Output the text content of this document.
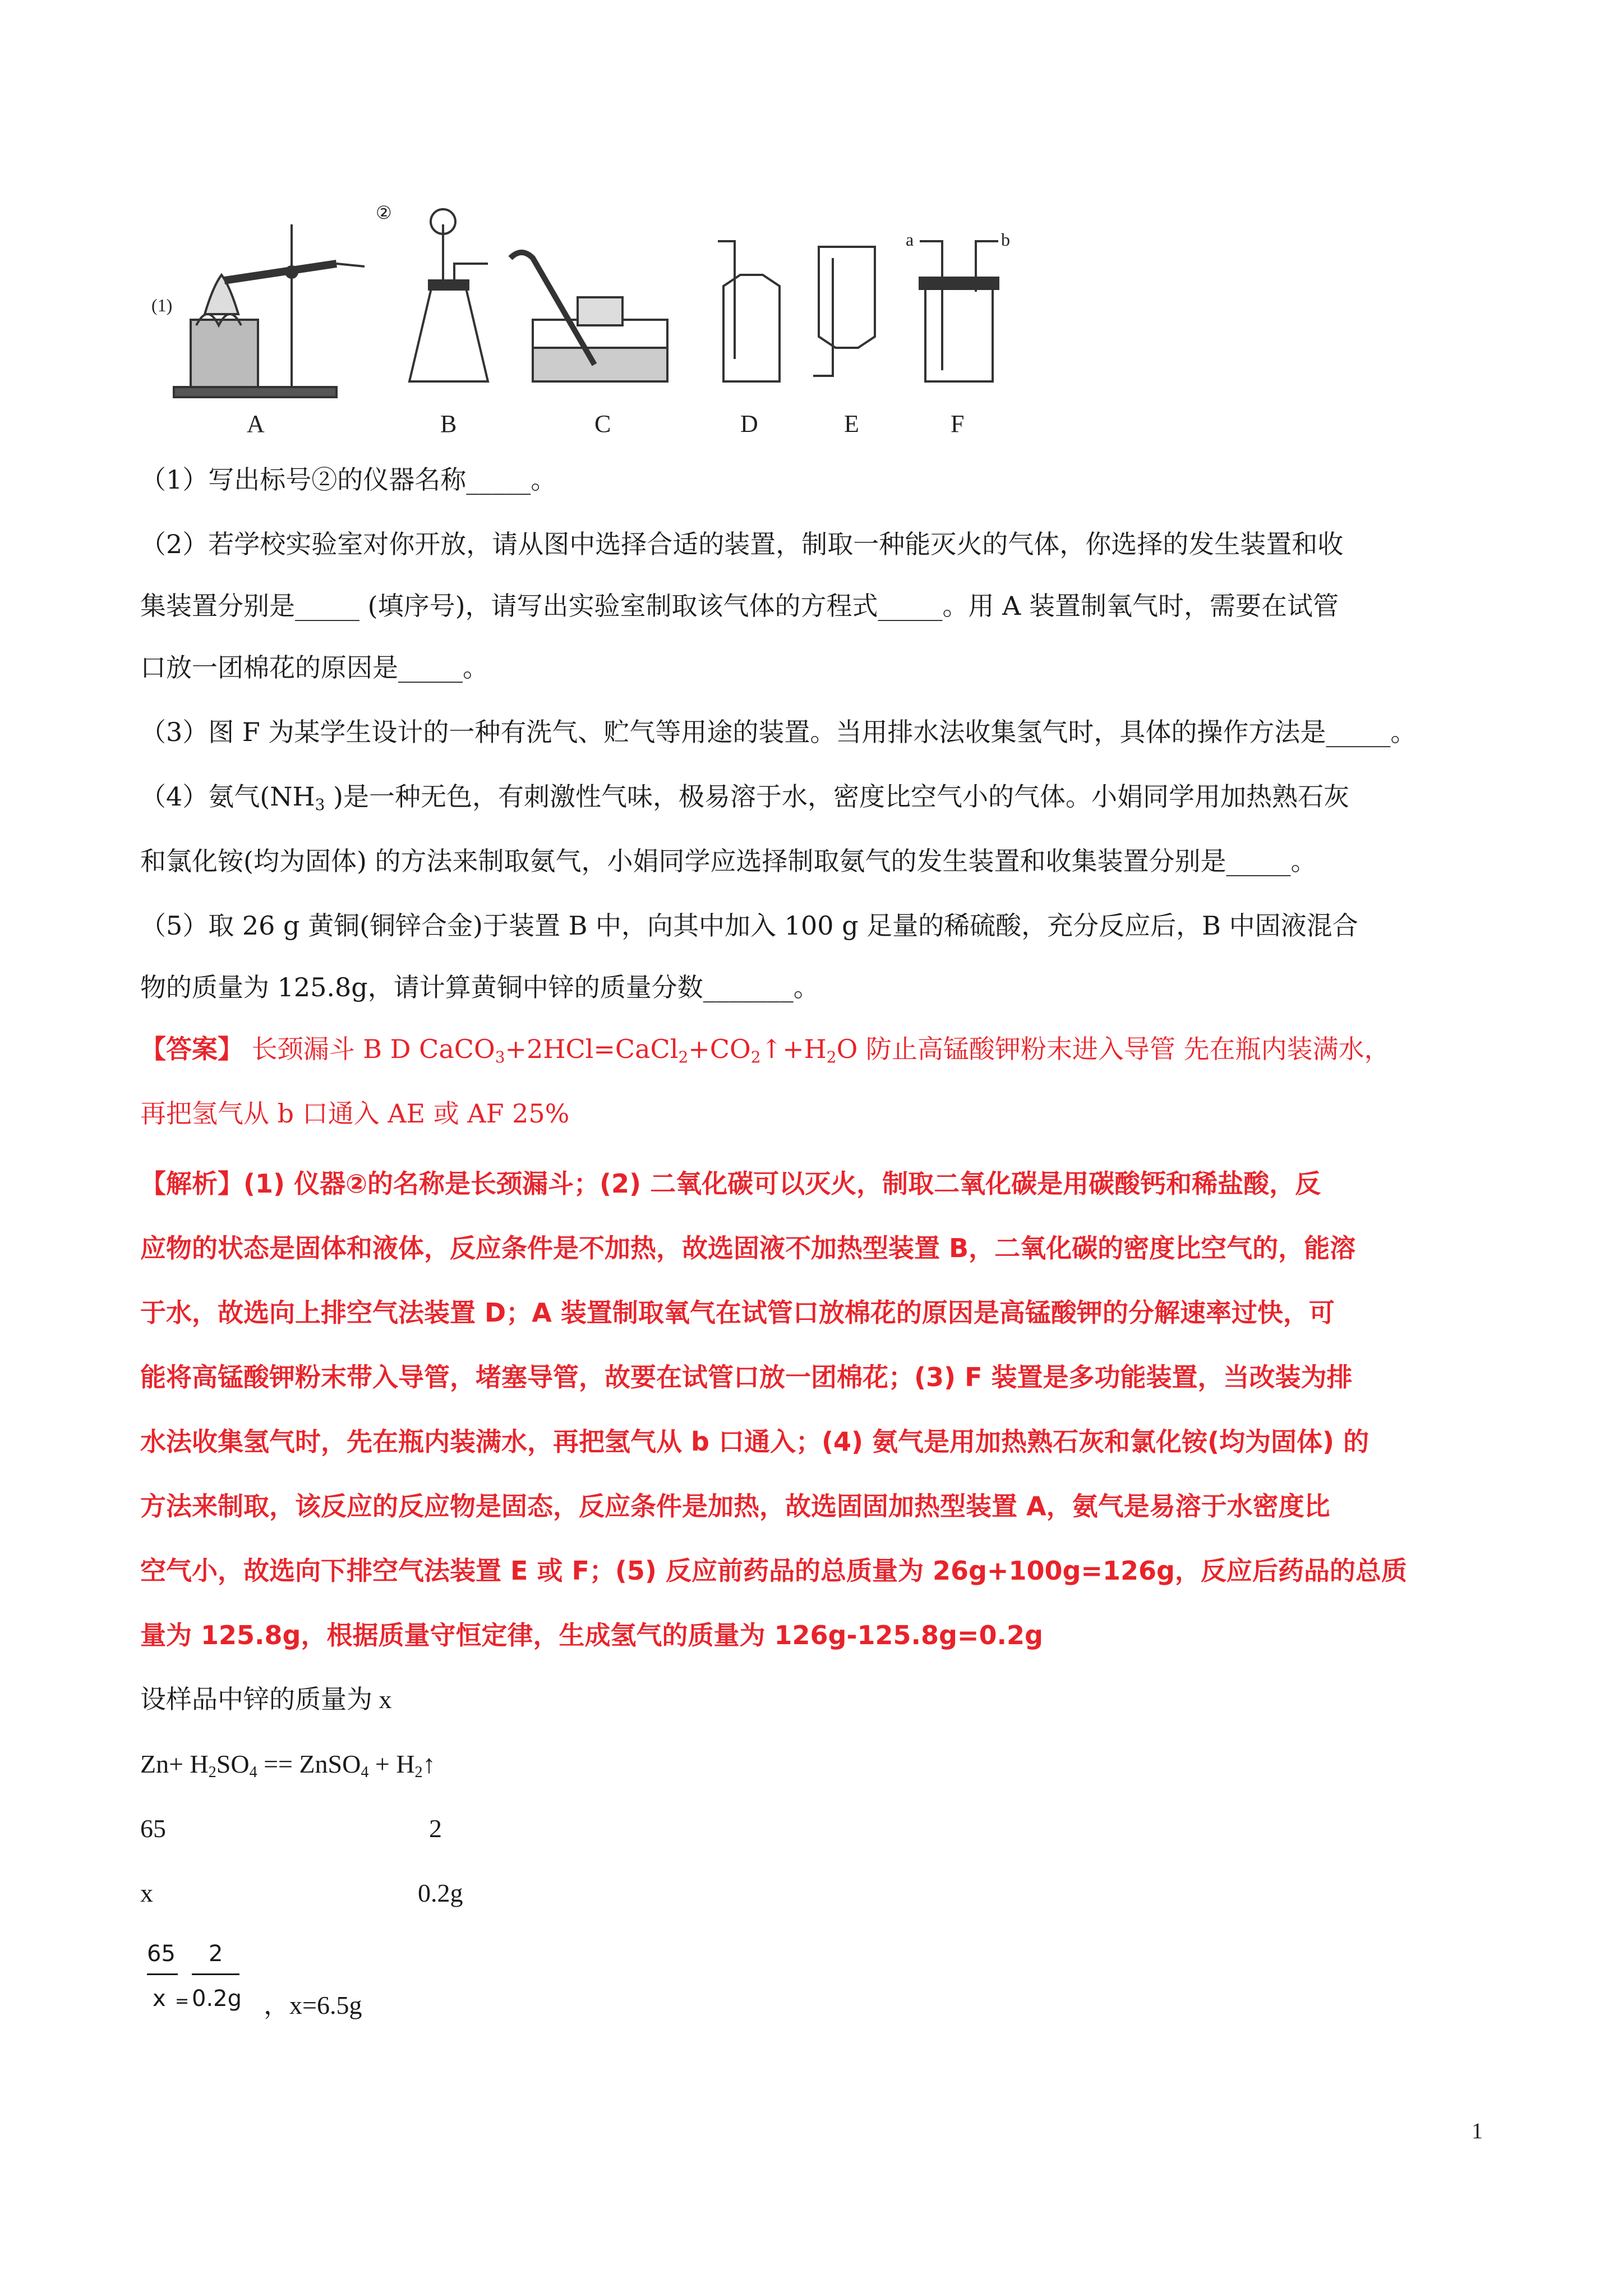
(1)
A
②
B	C	D	E
a	b
F
（1）写出标号②的仪器名称_____。
（2）若学校实验室对你开放，请从图中选择合适的装置，制取一种能灭火的气体，你选择的发生装置和收
集装置分别是_____ (填序号)，请写出实验室制取该气体的方程式_____。用 A 装置制氧气时，需要在试管
口放一团棉花的原因是_____。
（3）图 F 为某学生设计的一种有洗气、贮气等用途的装置。当用排水法收集氢气时，具体的操作方法是_____。
（4）氨气($NH_3$ )是一种无色，有刺激性气味，极易溶于水，密度比空气小的气体。小娟同学用加热熟石灰
和氯化铵(均为固体) 的方法来制取氨气，小娟同学应选择制取氨气的发生装置和收集装置分别是_____。
（5）取 26 g 黄铜(铜锌合金)于装置 B 中，向其中加入 100 g 足量的稀硫酸，充分反应后，B 中固液混合
物的质量为 125.8g，请计算黄铜中锌的质量分数_______。
【答案】 长颈漏斗 B D $CaCO_3+2HCl=CaCl_2+CO_2↑+H_2O$ 防止高锰酸钾粉末进入导管 先在瓶内装满水，
再把氢气从 b 口通入 AE 或 AF 25%
【解析】(1) 仪器②的名称是长颈漏斗；(2) 二氧化碳可以灭火，制取二氧化碳是用碳酸钙和稀盐酸，反
应物的状态是固体和液体，反应条件是不加热，故选固液不加热型装置 B，二氧化碳的密度比空气的，能溶
于水，故选向上排空气法装置 D；A 装置制取氧气在试管口放棉花的原因是高锰酸钾的分解速率过快，可
能将高锰酸钾粉末带入导管，堵塞导管，故要在试管口放一团棉花；(3) F 装置是多功能装置，当改装为排
水法收集氢气时，先在瓶内装满水，再把氢气从 b 口通入；(4) 氨气是用加热熟石灰和氯化铵(均为固体) 的
方法来制取，该反应的反应物是固态，反应条件是加热，故选固固加热型装置 A，氨气是易溶于水密度比
空气小，故选向下排空气法装置 E 或 F；(5) 反应前药品的总质量为 26g+100g=126g，反应后药品的总质
量为 125.8g，根据质量守恒定律，生成氢气的质量为 126g-125.8g=0.2g
设样品中锌的质量为 x
$Zn+ H_2SO_4$ == ZnSO$_4$ + $H_2↑$
65	2
x	0.2g
65
x =
2
0.2g ，x=6.5g
1
